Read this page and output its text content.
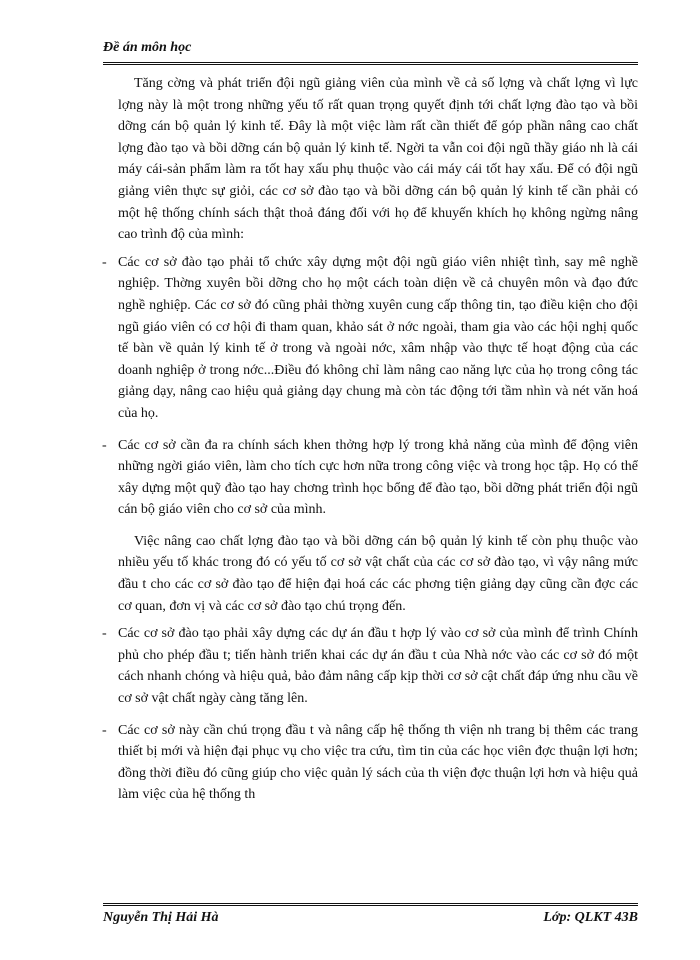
Đề án môn học

Tăng cờng và phát triển đội ngũ giảng viên của mình về cả số lợng và chất lợng vì lực lợng này là một trong những yếu tố rất quan trọng quyết định tới chất lợng đào tạo và bồi dỡng cán bộ quản lý kinh tế. Đây là một việc làm rất cần thiết để góp phần nâng cao chất lợng đào tạo và bồi dỡng cán bộ quản lý kinh tế. Ngời ta vẫn coi đội ngũ thầy giáo nh là cái máy cái-sản phẩm làm ra tốt hay xấu phụ thuộc vào cái máy cái tốt hay xấu. Để có đội ngũ giảng viên thực sự giỏi, các cơ sở đào tạo và bồi dỡng cán bộ quản lý kinh tế cần phải có một hệ thống chính sách thật thoả đáng đối với họ để khuyến khích họ không ngừng nâng cao trình độ của mình:

- Các cơ sở đào tạo phải tổ chức xây dựng một đội ngũ giáo viên nhiệt tình, say mê nghề nghiệp. Thờng xuyên bồi dỡng cho họ một cách toàn diện về cả chuyên môn và đạo đức nghề nghiệp. Các cơ sở đó cũng phải thờng xuyên cung cấp thông tin, tạo điều kiện cho đội ngũ giáo viên có cơ hội đi tham quan, khảo sát ở nớc ngoài, tham gia vào các hội nghị quốc tế bàn về quản lý kinh tế ở trong và ngoài nớc, xâm nhập vào thực tế hoạt động của các doanh nghiệp ở trong nớc...Điều đó không chỉ làm nâng cao năng lực của họ trong công tác giảng dạy, nâng cao hiệu quả giảng dạy chung mà còn tác động tới tầm nhìn và nét văn hoá của họ.
- Các cơ sở cần đa ra chính sách khen thởng hợp lý trong khả năng của mình để động viên những ngời giáo viên, làm cho tích cực hơn nữa trong công việc và trong học tập. Họ có thể xây dựng một quỹ đào tạo hay chơng trình học bổng để đào tạo, bồi dỡng phát triển đội ngũ cán bộ giáo viên cho cơ sở của mình.

Việc nâng cao chất lợng đào tạo và bồi dỡng cán bộ quản lý kinh tế còn phụ thuộc vào nhiều yếu tố khác trong đó có yếu tố cơ sở vật chất của các cơ sở đào tạo, vì vậy nâng mức đầu t cho các cơ sở đào tạo để hiện đại hoá các các phơng tiện giảng dạy cũng cần đợc các cơ quan, đơn vị và các cơ sở đào tạo chú trọng đến.

- Các cơ sở đào tạo phải xây dựng các dự án đầu t hợp lý vào cơ sở của mình để trình Chính phủ cho phép đầu t; tiến hành triển khai các dự án đầu t của Nhà nớc vào các cơ sở đó một cách nhanh chóng và hiệu quả, bảo đảm nâng cấp kịp thời cơ sở cật chất đáp ứng nhu cầu về cơ sở vật chất ngày càng tăng lên.
- Các cơ sở này cần chú trọng đầu t và nâng cấp hệ thống th viện nh trang bị thêm các trang thiết bị mới và hiện đại phục vụ cho việc tra cứu, tìm tin của các học viên đợc thuận lợi hơn; đồng thời điều đó cũng giúp cho việc quản lý sách của th viện đợc thuận lợi hơn và hiệu quả làm việc của hệ thống th
Nguyễn Thị Hải Hà	Lớp: QLKT 43B
